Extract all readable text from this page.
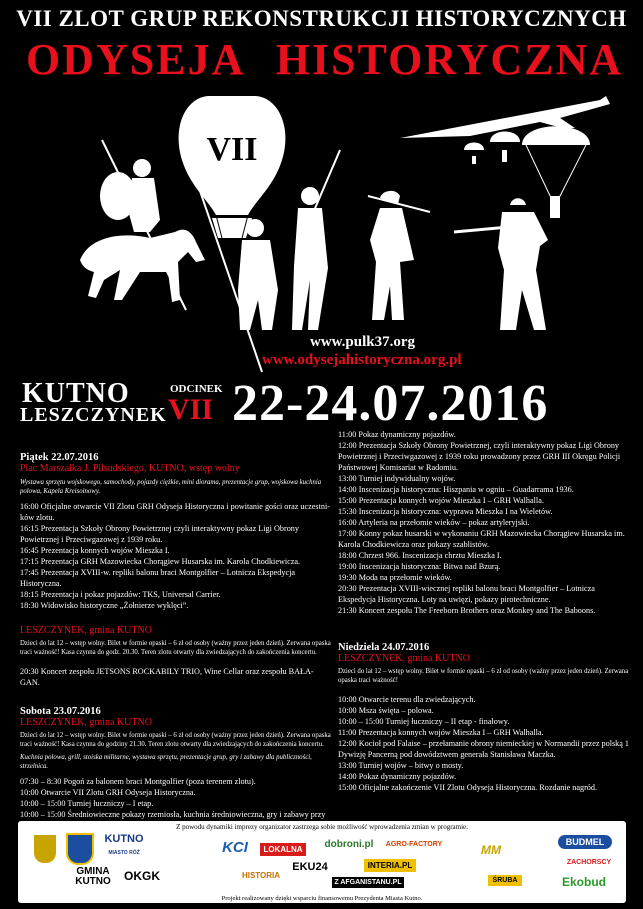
VII ZLOT GRUP REKONSTRUKCJI HISTORYCZNYCH
ODYSEJA HISTORYCZNA
VII
www.pulk37.org
www.odysejahistoryczna.org.pl
KUTNO
LESZCZYNEK
ODCINEK
VII 22-24.07.2016
Piątek 22.07.2016
Plac Marszałka J. Piłsudskiego, KUTNO, wstęp wolny
Wystawa sprzętu wojskowego, samochody, pojazdy ciężkie, mini diorama, prezentacje grup, wojskowa kuchnia polowa, Kapela Kreisoinowy.
16:00 Oficjalne otwarcie VII Zlotu GRH Odyseja Historyczna i powitanie gości oraz uczestni-ków zlotu.
16:15 Prezentacja Szkoły Obrony Powietrznej czyli interaktywny pokaz Ligi Obrony Powietrznej i Przeciwgazowej z 1939 roku.
16:45 Prezentacja konnych wojów Mieszka I.
17:15 Prezentacja GRH Mazowiecka Chorągiew Husarska im. Karola Chodkiewicza.
17:45 Prezentacja XVIII-w. repliki balonu braci Montgolfier – Lotnicza Ekspedycja Historyczna.
18:15 Prezentacja i pokaz pojazdów: TKS, Universal Carrier.
18:30 Widowisko historyczne „Żołnierze wyklęci”.
LESZCZYNEK, gmina KUTNO
Dzieci do lat 12 – wstęp wolny. Bilet w formie opaski – 6 zł od osoby (ważny przez jeden dzień). Zerwana opaska traci ważność! Kasa czynna do godz. 20.30. Teren zlotu otwarty dla zwiedzających do zakończenia koncertu.
20:30 Koncert zespołu JETSONS ROCKABILY TRIO, Wine Cellar oraz zespołu BAŁA-GAN.
Sobota 23.07.2016
LESZCZYNEK, gmina KUTNO
Dzieci do lat 12 – wstęp wolny. Bilet w formie opaski – 6 zł od osoby (ważny przez jeden dzień). Zerwana opaska traci ważność! Kasa czynna do godziny 21.30. Teren zlotu otwarty dla zwiedzających do zakończenia koncertu.
Kuchnia polowa, grill, stoiska militarne, wystawa sprzętu, prezentacje grup, gry i zabawy dla publiczności, strzelnica.
07:30 – 8:30 Pogoń za balonem braci Montgolfier (poza terenem zlotu).
10:00 Otwarcie VII Zlotu GRH Odyseja Historyczna.
10:00 – 15:00 Turniej łuczniczy – I etap.
10:00 – 15:00 Średniowieczne pokazy rzemiosła, kuchnia średniowieczna, gry i zabawy przy
11:00 Pokaz dynamiczny pojazdów.
12:00 Prezentacja Szkoły Obrony Powietrznej, czyli interaktywny pokaz Ligi Obrony Powietrznej i Przeciwgazowej z 1939 roku prowadzony przez GRH III Okręgu Policji Państwowej Komisariat w Radomiu.
13:00 Turniej indywidualny wojów.
14:00 Inscenizacja historyczna: Hiszpania w ogniu – Guadarrama 1936.
15:00 Prezentacja konnych wojów Mieszka I – GRH Walhalla.
15:30 Inscenizacja historyczna: wyprawa Mieszka I na Wieletów.
16:00 Artyleria na przełomie wieków – pokaz artyleryjski.
17:00 Konny pokaz husarski w wykonaniu GRH Mazowiecka Chorągiew Husarska im. Karola Chodkiewicza oraz pokazy szablistów.
18:00 Chrzest 966. Inscenizacja chrztu Mieszka I.
19:00 Inscenizacja historyczna: Bitwa nad Bzurą.
19:30 Moda na przełomie wieków.
20:30 Prezentacja XVIII-wiecznej repliki balonu braci Montgolfier – Lotnicza Ekspedycja Historyczna. Loty na uwięzi, pokazy pirotechniczne.
21:30 Koncert zespołu The Freeborn Brothers oraz Monkey and The Baboons.
Niedziela 24.07.2016
LESZCZYNEK, gmina KUTNO
Dzieci do lat 12 – wstęp wolny. Bilet w formie opaski – 6 zł od osoby (ważny przez jeden dzień). Zerwana opaska traci ważność!
10:00 Otwarcie terenu dla zwiedzających.
10:00 Msza święta – polowa.
10:00 – 15:00 Turniej łuczniczy – II etap - finałowy.
11:00 Prezentacja konnych wojów Mieszka I – GRH Walhalla.
12:00 Kocioł pod Falaise – przełamanie obrony niemieckiej w Normandii przez polską 1 Dywizję Pancerną pod dowództwem generała Stanisława Maczka.
13:00 Turniej wojów – bitwy o mosty.
14:00 Pokaz dynamiczny pojazdów.
15:00 Oficjalne zakończenie VII Zlotu Odyseja Historyczna. Rozdanie nagród.
Z powodu dynamiki imprezy organizator zastrzega sobie możliwość wprowadzenia zmian w programie.
KUTNO
MIASTO RÓŻ
GMINA
KUTNO	OKGK
KCI	LOKALNA
HISTORIA
EKU24
dobroni.pl	AGRO-FACTORY
INTERIA.PL
Z AFGANISTANU.PL
MM
ŚRUBA
BUDMEL
ZACHORSCY
Ekobud
Projekt realizowany dzięki wsparciu finansowemu Prezydenta Miasta Kutno.
